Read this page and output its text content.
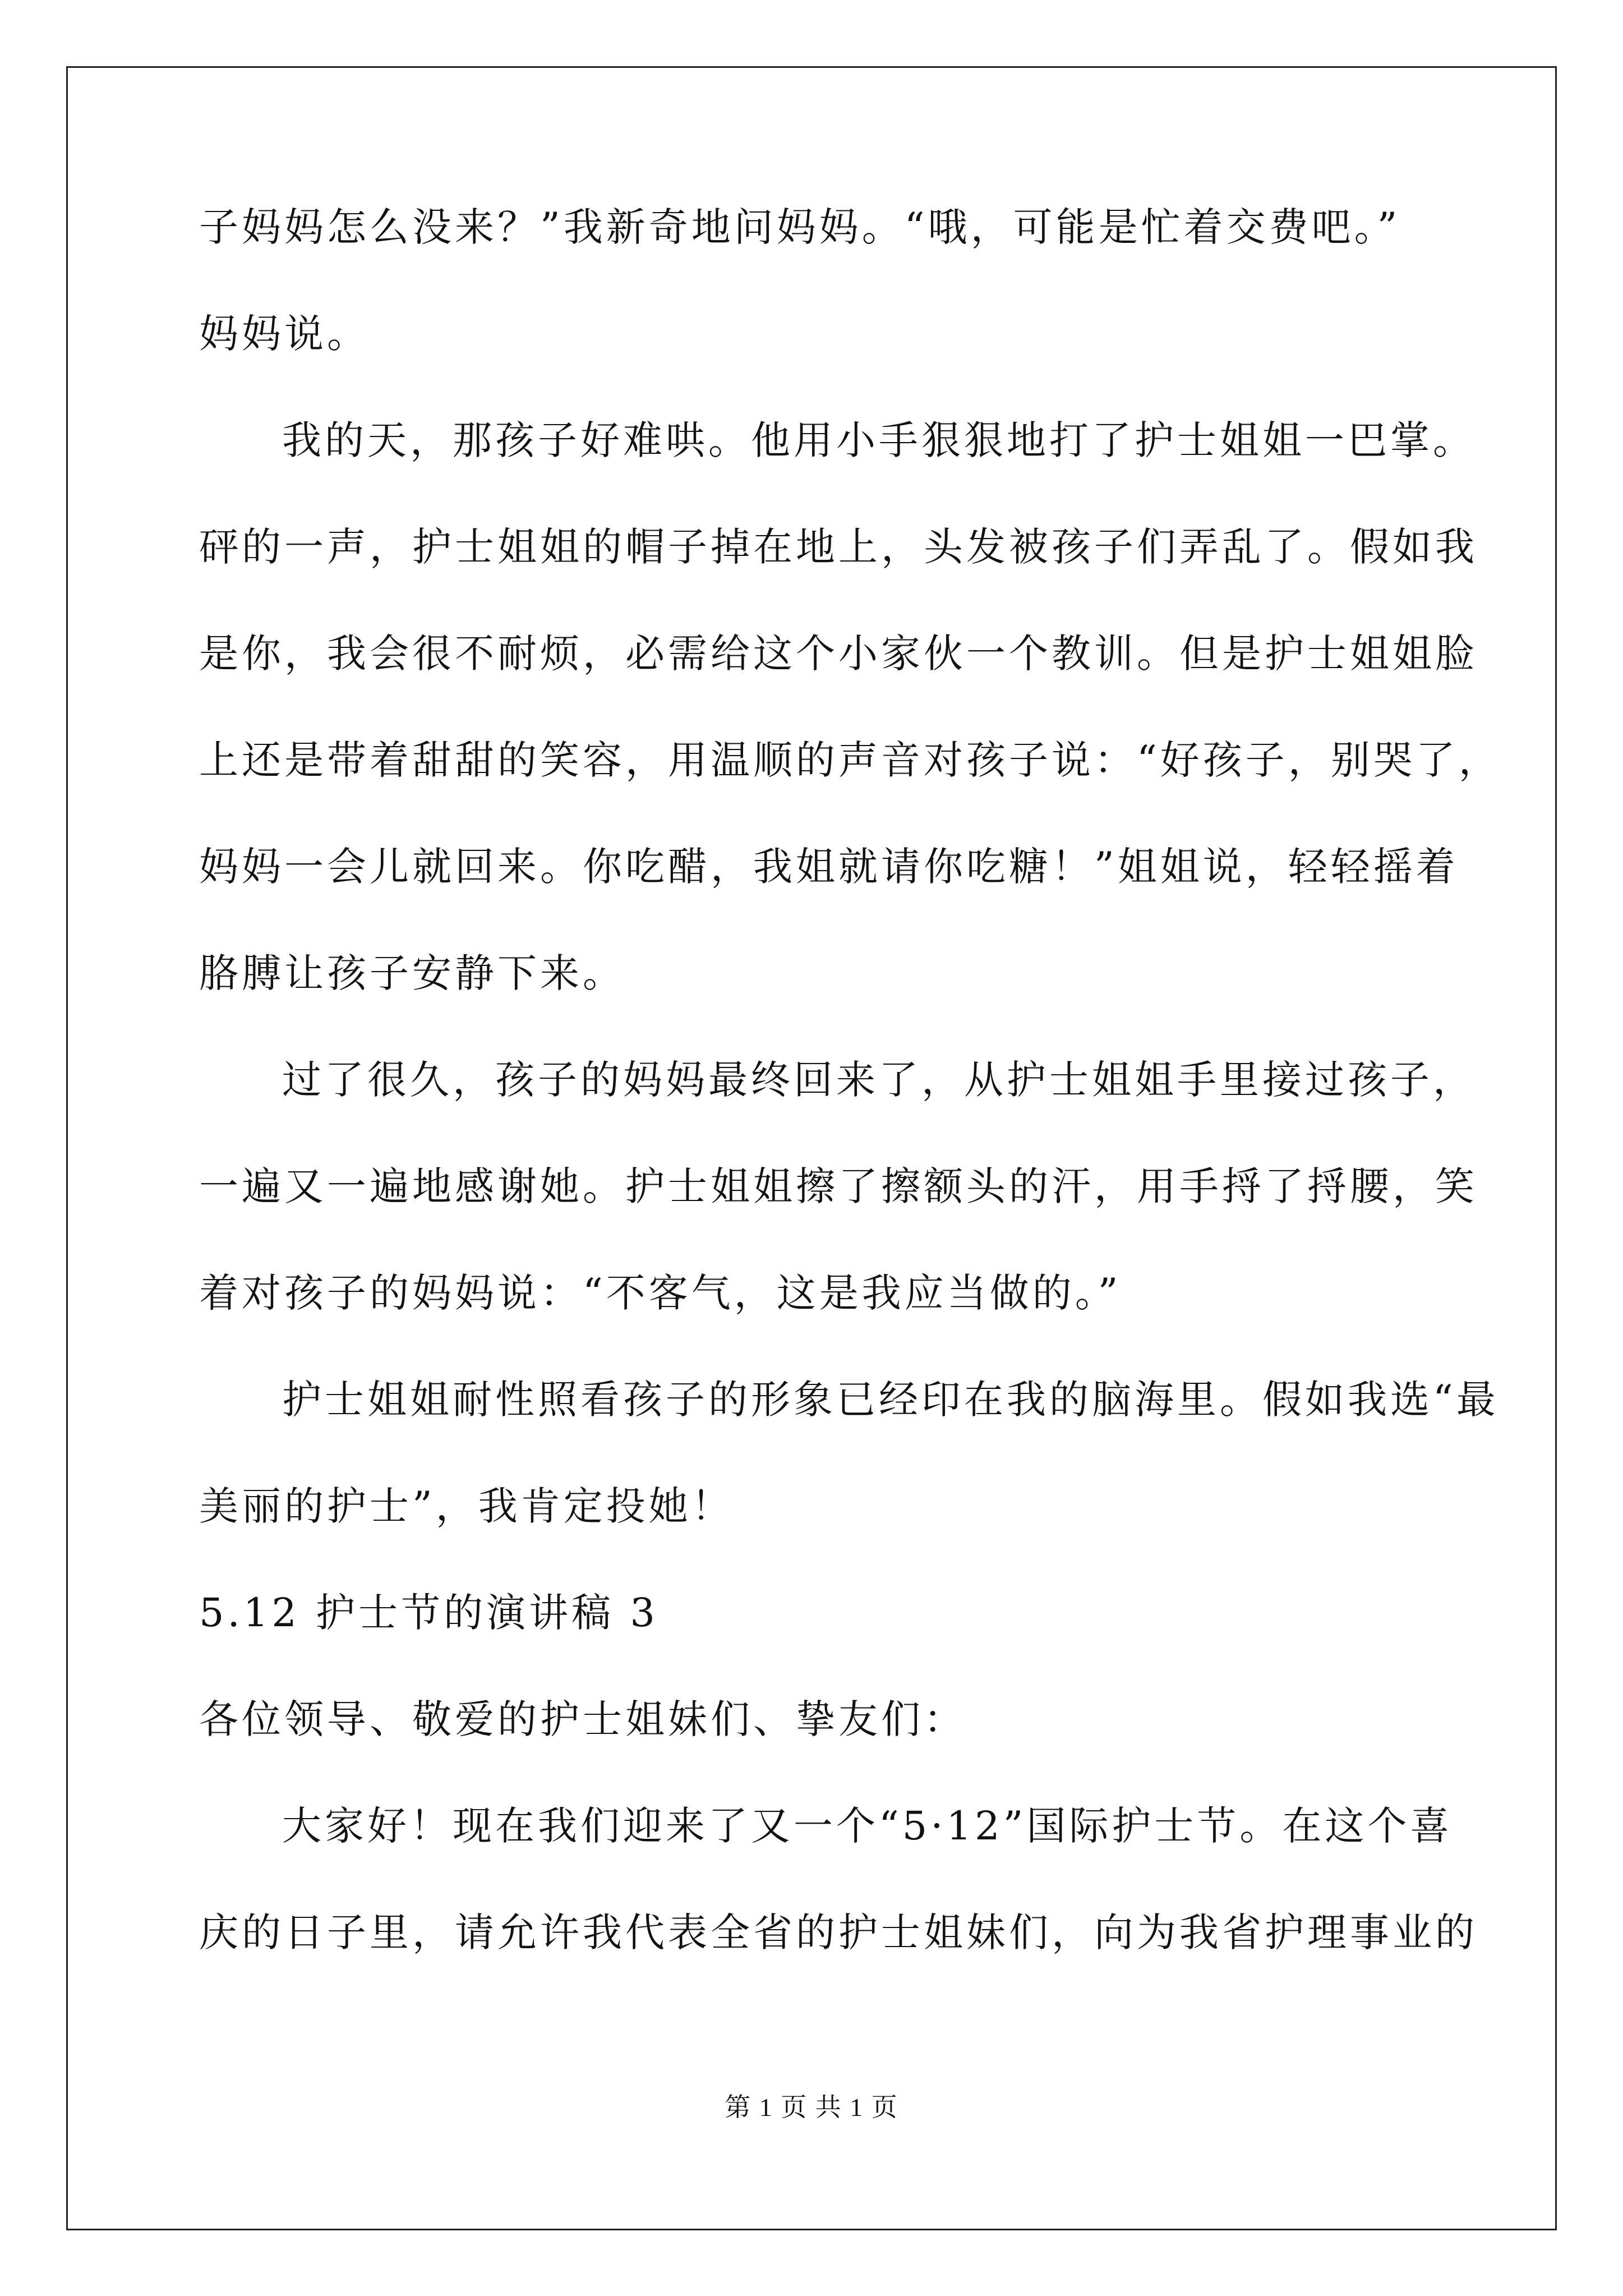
子妈妈怎么没来？”我新奇地问妈妈。“哦，可能是忙着交费吧。”
妈妈说。
我的天，那孩子好难哄。他用小手狠狠地打了护士姐姐一巴掌。
砰的一声，护士姐姐的帽子掉在地上，头发被孩子们弄乱了。假如我
是你，我会很不耐烦，必需给这个小家伙一个教训。但是护士姐姐脸
上还是带着甜甜的笑容，用温顺的声音对孩子说：“好孩子，别哭了，
妈妈一会儿就回来。你吃醋，我姐就请你吃糖！”姐姐说，轻轻摇着
胳膊让孩子安静下来。
过了很久，孩子的妈妈最终回来了，从护士姐姐手里接过孩子，
一遍又一遍地感谢她。护士姐姐擦了擦额头的汗，用手捋了捋腰，笑
着对孩子的妈妈说：“不客气，这是我应当做的。”
护士姐姐耐性照看孩子的形象已经印在我的脑海里。假如我选“最
美丽的护士”，我肯定投她！
5.12 护士节的演讲稿 3
各位领导、敬爱的护士姐妹们、挚友们：
大家好！现在我们迎来了又一个“5·12”国际护士节。在这个喜
庆的日子里，请允许我代表全省的护士姐妹们，向为我省护理事业的
第 1 页 共 1 页
